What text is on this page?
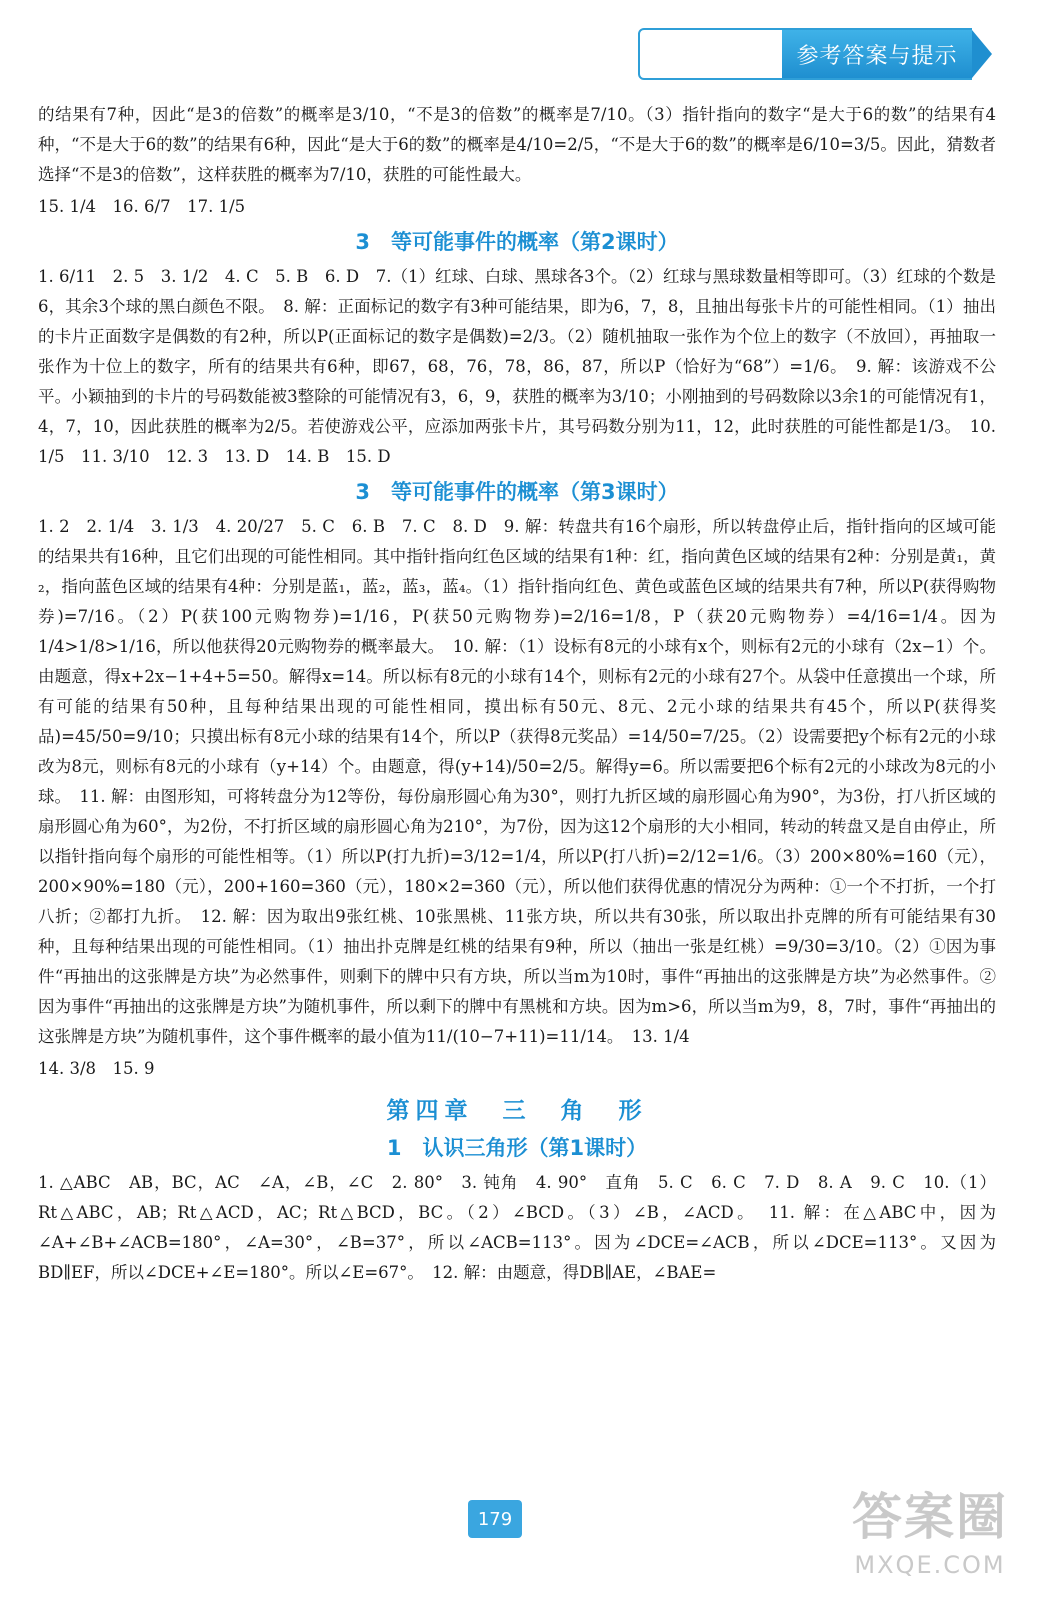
参考答案与提示

的结果有7种，因此“是3的倍数”的概率是3/10，“不是3的倍数”的概率是7/10。（3）指针指向的数字“是大于6的数”的结果有4种，“不是大于6的数”的结果有6种，因此“是大于6的数”的概率是4/10=2/5，“不是大于6的数”的概率是6/10=3/5。因此，猜数者选择“不是3的倍数”，这样获胜的概率为7/10，获胜的可能性最大。

15. 1/4　16. 6/7　17. 1/5

3　等可能事件的概率（第2课时）

1. 6/11　2. 5　3. 1/2　4. C　5. B　6. D　7.（1）红球、白球、黑球各3个。（2）红球与黑球数量相等即可。（3）红球的个数是6，其余3个球的黑白颜色不限。　8. 解：正面标记的数字有3种可能结果，即为6，7，8，且抽出每张卡片的可能性相同。（1）抽出的卡片正面数字是偶数的有2种，所以P(正面标记的数字是偶数)=2/3。（2）随机抽取一张作为个位上的数字（不放回），再抽取一张作为十位上的数字，所有的结果共有6种，即67，68，76，78，86，87，所以P（恰好为“68”）=1/6。　9. 解：该游戏不公平。小颖抽到的卡片的号码数能被3整除的可能情况有3，6，9，获胜的概率为3/10；小刚抽到的号码数除以3余1的可能情况有1，4，7，10，因此获胜的概率为2/5。若使游戏公平，应添加两张卡片，其号码数分别为11，12，此时获胜的可能性都是1/3。　10. 1/5　11. 3/10　12. 3　13. D　14. B　15. D

3　等可能事件的概率（第3课时）

1. 2　2. 1/4　3. 1/3　4. 20/27　5. C　6. B　7. C　8. D　9. 解：转盘共有16个扇形，所以转盘停止后，指针指向的区域可能的结果共有16种，且它们出现的可能性相同。其中指针指向红色区域的结果有1种：红，指向黄色区域的结果有2种：分别是黄₁，黄₂，指向蓝色区域的结果有4种：分别是蓝₁，蓝₂，蓝₃，蓝₄。（1）指针指向红色、黄色或蓝色区域的结果共有7种，所以P(获得购物券)=7/16。（2）P(获100元购物券)=1/16，P(获50元购物券)=2/16=1/8，P（获20元购物券）=4/16=1/4。因为1/4>1/8>1/16，所以他获得20元购物券的概率最大。　10. 解：（1）设标有8元的小球有x个，则标有2元的小球有（2x−1）个。由题意，得x+2x−1+4+5=50。解得x=14。所以标有8元的小球有14个，则标有2元的小球有27个。从袋中任意摸出一个球，所有可能的结果有50种，且每种结果出现的可能性相同，摸出标有50元、8元、2元小球的结果共有45个，所以P(获得奖品)=45/50=9/10；只摸出标有8元小球的结果有14个，所以P（获得8元奖品）=14/50=7/25。（2）设需要把y个标有2元的小球改为8元，则标有8元的小球有（y+14）个。由题意，得(y+14)/50=2/5。解得y=6。所以需要把6个标有2元的小球改为8元的小球。　11. 解：由图形知，可将转盘分为12等份，每份扇形圆心角为30°，则打九折区域的扇形圆心角为90°，为3份，打八折区域的扇形圆心角为60°，为2份，不打折区域的扇形圆心角为210°，为7份，因为这12个扇形的大小相同，转动的转盘又是自由停止，所以指针指向每个扇形的可能性相等。（1）所以P(打九折)=3/12=1/4，所以P(打八折)=2/12=1/6。（3）200×80%=160（元），200×90%=180（元），200+160=360（元），180×2=360（元），所以他们获得优惠的情况分为两种：①一个不打折，一个打八折；②都打九折。　12. 解：因为取出9张红桃、10张黑桃、11张方块，所以共有30张，所以取出扑克牌的所有可能结果有30种，且每种结果出现的可能性相同。（1）抽出扑克牌是红桃的结果有9种，所以（抽出一张是红桃）=9/30=3/10。（2）①因为事件“再抽出的这张牌是方块”为必然事件，则剩下的牌中只有方块，所以当m为10时，事件“再抽出的这张牌是方块”为必然事件。②因为事件“再抽出的这张牌是方块”为随机事件，所以剩下的牌中有黑桃和方块。因为m>6，所以当m为9，8，7时，事件“再抽出的这张牌是方块”为随机事件，这个事件概率的最小值为11/(10−7+11)=11/14。　13. 1/4

14. 3/8　15. 9

第四章　三　角　形
1　认识三角形（第1课时）

1. △ABC　AB，BC，AC　∠A，∠B，∠C　2. 80°　3. 钝角　4. 90°　直角　5. C　6. C　7. D　8. A　9. C　10.（1）Rt△ABC，AB；Rt△ACD，AC；Rt△BCD，BC。（2）∠BCD。（3）∠B，∠ACD。　11. 解：在△ABC中，因为∠A+∠B+∠ACB=180°，∠A=30°，∠B=37°，所以∠ACB=113°。因为∠DCE=∠ACB，所以∠DCE=113°。又因为BD∥EF，所以∠DCE+∠E=180°。所以∠E=67°。　12. 解：由题意，得DB∥AE，∠BAE=

179	答案圈
MXQE.COM
